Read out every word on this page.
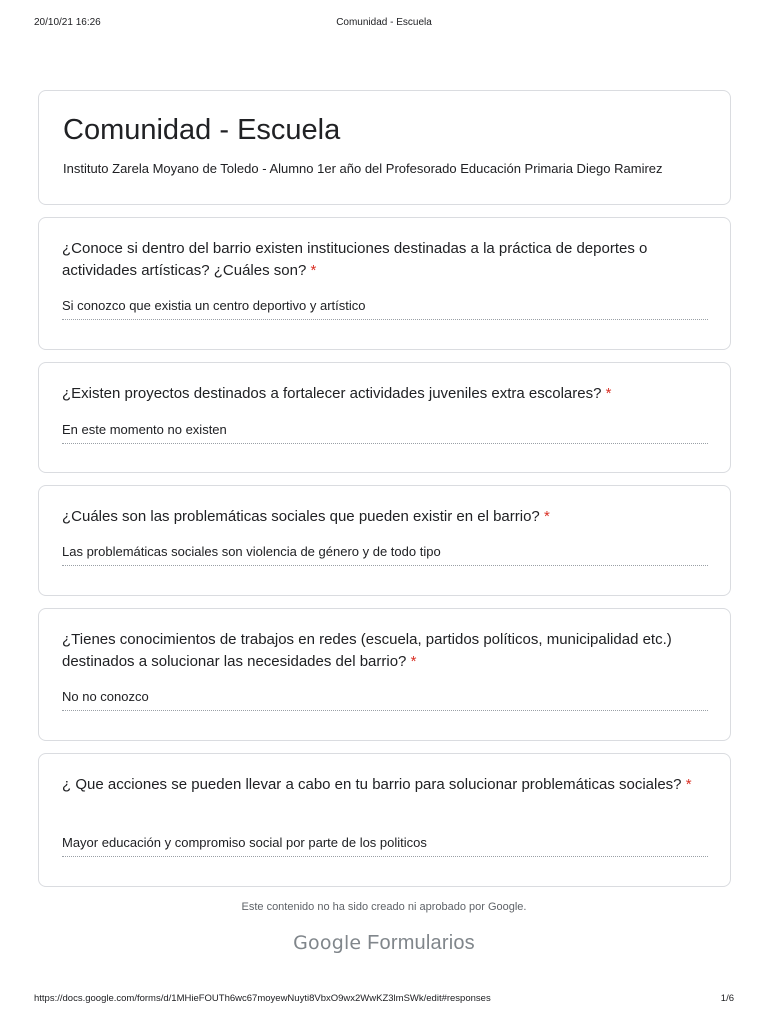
20/10/21 16:26	Comunidad - Escuela
Comunidad - Escuela
Instituto Zarela Moyano de Toledo - Alumno 1er año del Profesorado Educación Primaria Diego Ramirez
¿Conoce si dentro del barrio existen instituciones destinadas a la práctica de deportes o actividades artísticas? ¿Cuáles son? *
Si conozco que existia un centro deportivo y artístico
¿Existen proyectos destinados a fortalecer actividades juveniles extra escolares? *
En este momento no existen
¿Cuáles son las problemáticas sociales que pueden existir en el barrio? *
Las problemáticas sociales son violencia de género y de todo tipo
¿Tienes conocimientos de trabajos en redes (escuela, partidos políticos, municipalidad etc.) destinados a solucionar las necesidades del barrio? *
No no conozco
¿ Que acciones se pueden llevar a cabo en tu barrio para solucionar problemáticas sociales? *
Mayor educación y compromiso social por parte de los politicos
Este contenido no ha sido creado ni aprobado por Google.
Google Formularios
https://docs.google.com/forms/d/1MHieFOUTh6wc67moyewNuyti8VbxO9wx2WwKZ3lmSWk/edit#responses	1/6
